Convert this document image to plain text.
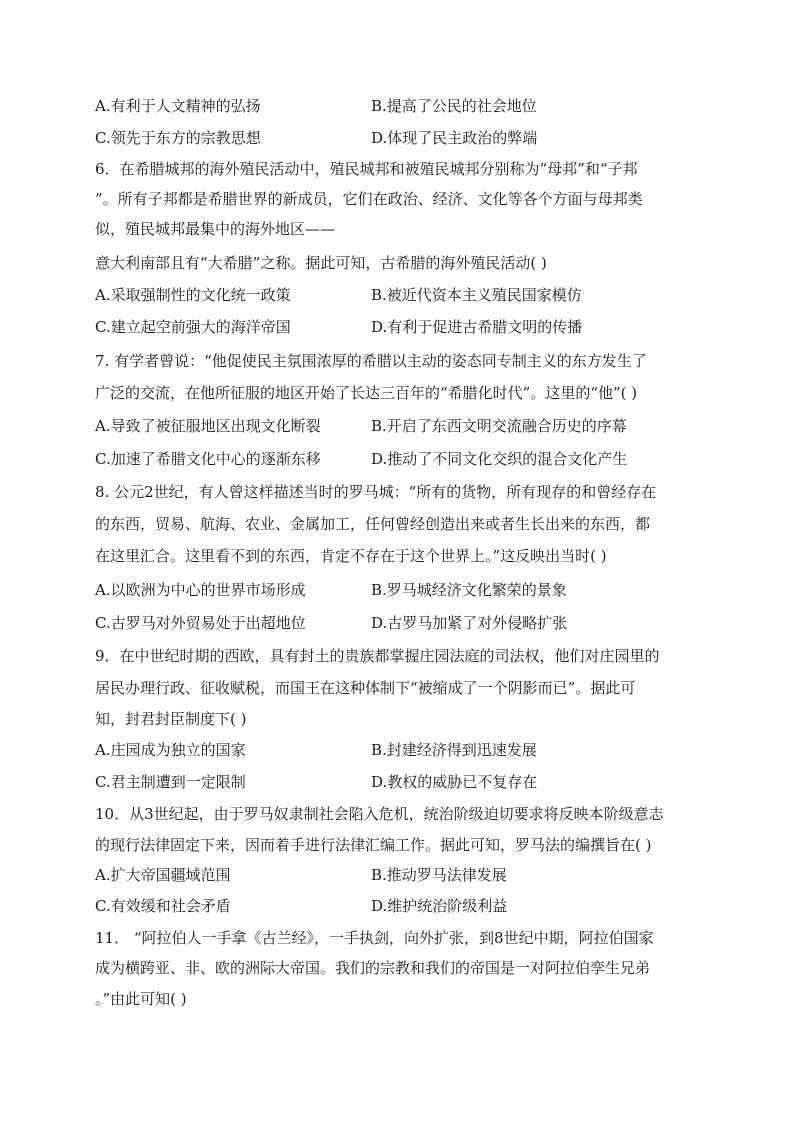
A.有利于人文精神的弘扬	B.提高了公民的社会地位
C.领先于东方的宗教思想	D.体现了民主政治的弊端
6．在希腊城邦的海外殖民活动中，殖民城邦和被殖民城邦分别称为“母邦”和“子邦
”。所有子邦都是希腊世界的新成员，它们在政治、经济、文化等各个方面与母邦类
似，殖民城邦最集中的海外地区——
意大利南部且有“大希腊”之称。据此可知，古希腊的海外殖民活动( )
A.采取强制性的文化统一政策	B.被近代资本主义殖民国家模仿
C.建立起空前强大的海洋帝国	D.有利于促进古希腊文明的传播
7. 有学者曾说：“他促使民主氛围浓厚的希腊以主动的姿态同专制主义的东方发生了
广泛的交流，在他所征服的地区开始了长达三百年的“希腊化时代”。这里的“他”( )
A.导致了被征服地区出现文化断裂	B.开启了东西文明交流融合历史的序幕
C.加速了希腊文化中心的逐渐东移	D.推动了不同文化交织的混合文化产生
8. 公元2世纪，有人曾这样描述当时的罗马城：“所有的货物，所有现存的和曾经存在
的东西，贸易、航海、农业、金属加工，任何曾经创造出来或者生长出来的东西，都
在这里汇合。这里看不到的东西，肯定不存在于这个世界上。”这反映出当时( )
A.以欧洲为中心的世界市场形成	B.罗马城经济文化繁荣的景象
C.古罗马对外贸易处于出超地位	D.古罗马加紧了对外侵略扩张
9．在中世纪时期的西欧，具有封土的贵族都掌握庄园法庭的司法权，他们对庄园里的
居民办理行政、征收赋税，而国王在这种体制下“被缩成了一个阴影而已”。据此可
知，封君封臣制度下( )
A.庄园成为独立的国家	B.封建经济得到迅速发展
C.君主制遭到一定限制	D.教权的威胁已不复存在
10．从3世纪起，由于罗马奴隶制社会陷入危机，统治阶级迫切要求将反映本阶级意志
的现行法律固定下来，因而着手进行法律汇编工作。据此可知，罗马法的编撰旨在( )
A.扩大帝国疆域范围	B.推动罗马法律发展
C.有效缓和社会矛盾	D.维护统治阶级利益
11． “阿拉伯人一手拿《古兰经》，一手执剑，向外扩张，到8世纪中期，阿拉伯国家
成为横跨亚、非、欧的洲际大帝国。我们的宗教和我们的帝国是一对阿拉伯孪生兄弟
。”由此可知( )
